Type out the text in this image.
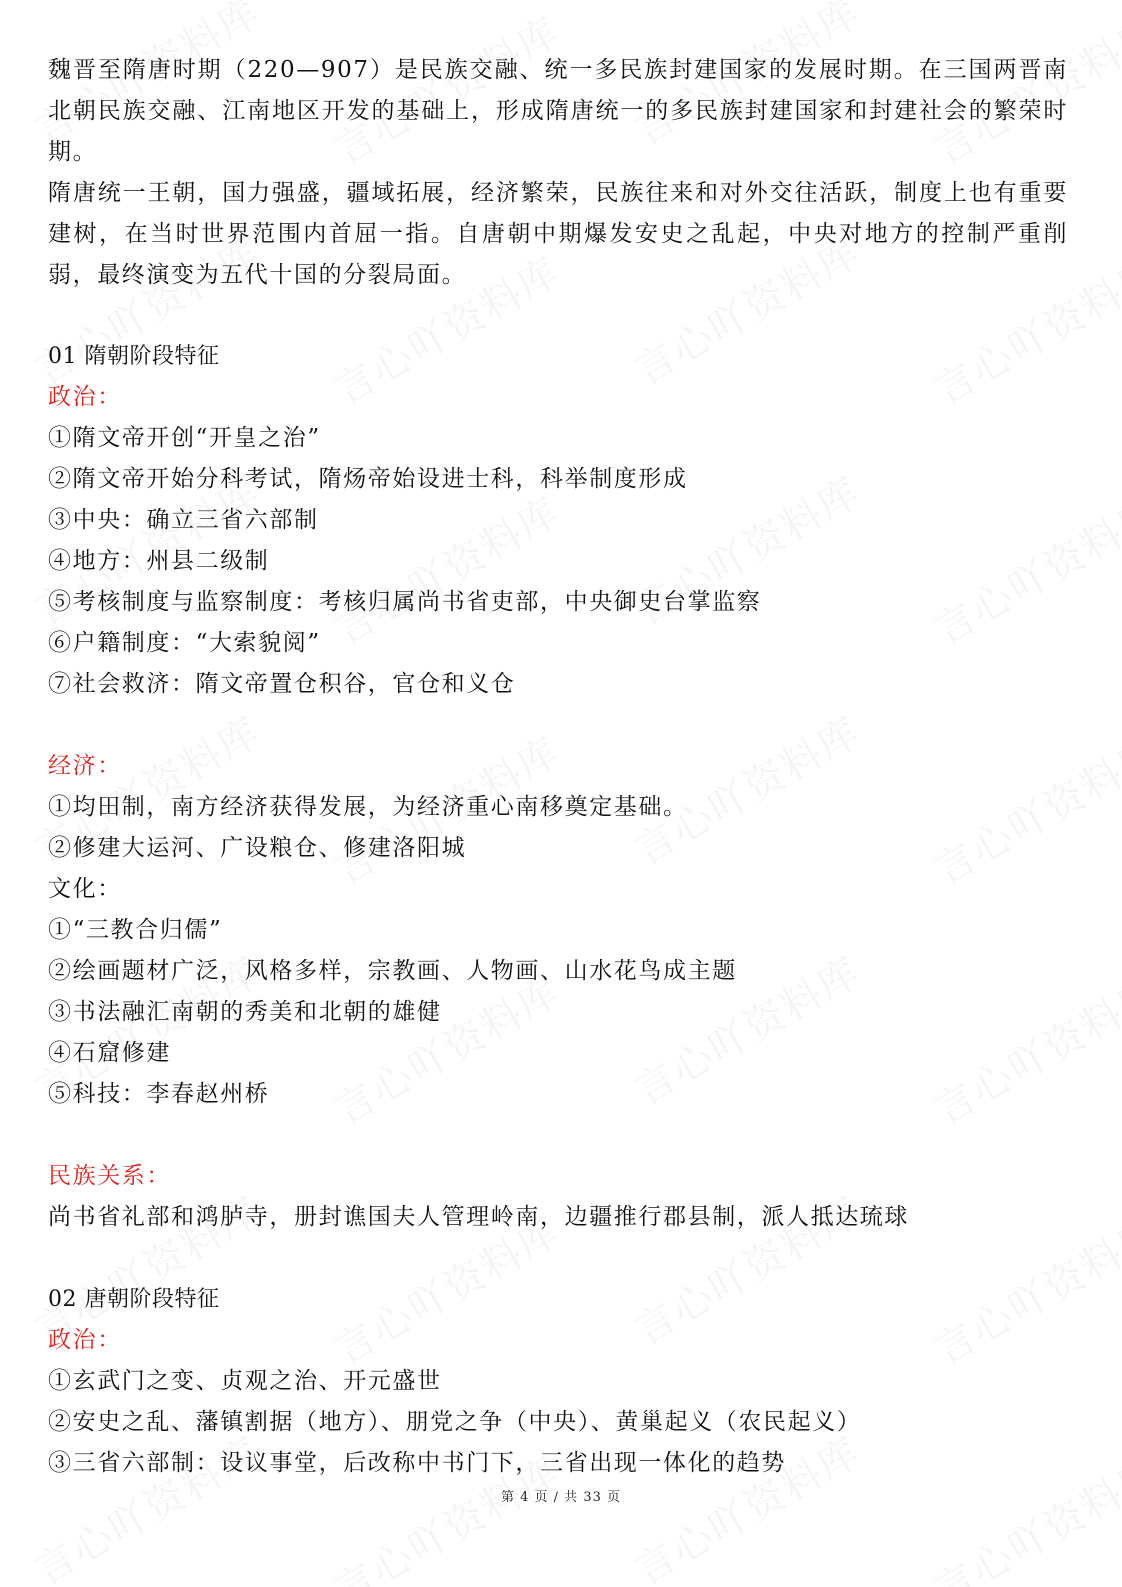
魏晋至隋唐时期（220—907）是民族交融、统一多民族封建国家的发展时期。在三国两晋南北朝民族交融、江南地区开发的基础上，形成隋唐统一的多民族封建国家和封建社会的繁荣时期。

隋唐统一王朝，国力强盛，疆域拓展，经济繁荣，民族往来和对外交往活跃，制度上也有重要建树，在当时世界范围内首屈一指。自唐朝中期爆发安史之乱起，中央对地方的控制严重削弱，最终演变为五代十国的分裂局面。

01 隋朝阶段特征
政治：
①隋文帝开创“开皇之治”
②隋文帝开始分科考试，隋炀帝始设进士科，科举制度形成
③中央：确立三省六部制
④地方：州县二级制
⑤考核制度与监察制度：考核归属尚书省吏部，中央御史台掌监察
⑥户籍制度：“大索貌阅”
⑦社会救济：隋文帝置仓积谷，官仓和义仓
经济：
①均田制，南方经济获得发展，为经济重心南移奠定基础。
②修建大运河、广设粮仓、修建洛阳城
文化：
①“三教合归儒”
②绘画题材广泛，风格多样，宗教画、人物画、山水花鸟成主题
③书法融汇南朝的秀美和北朝的雄健
④石窟修建
⑤科技：李春赵州桥
民族关系：
尚书省礼部和鸿胪寺，册封谯国夫人管理岭南，边疆推行郡县制，派人抵达琉球
02 唐朝阶段特征
政治：
①玄武门之变、贞观之治、开元盛世
②安史之乱、藩镇割据（地方）、朋党之争（中央）、黄巢起义（农民起义）
③三省六部制：设议事堂，后改称中书门下，三省出现一体化的趋势
第 4 页 / 共 33 页
